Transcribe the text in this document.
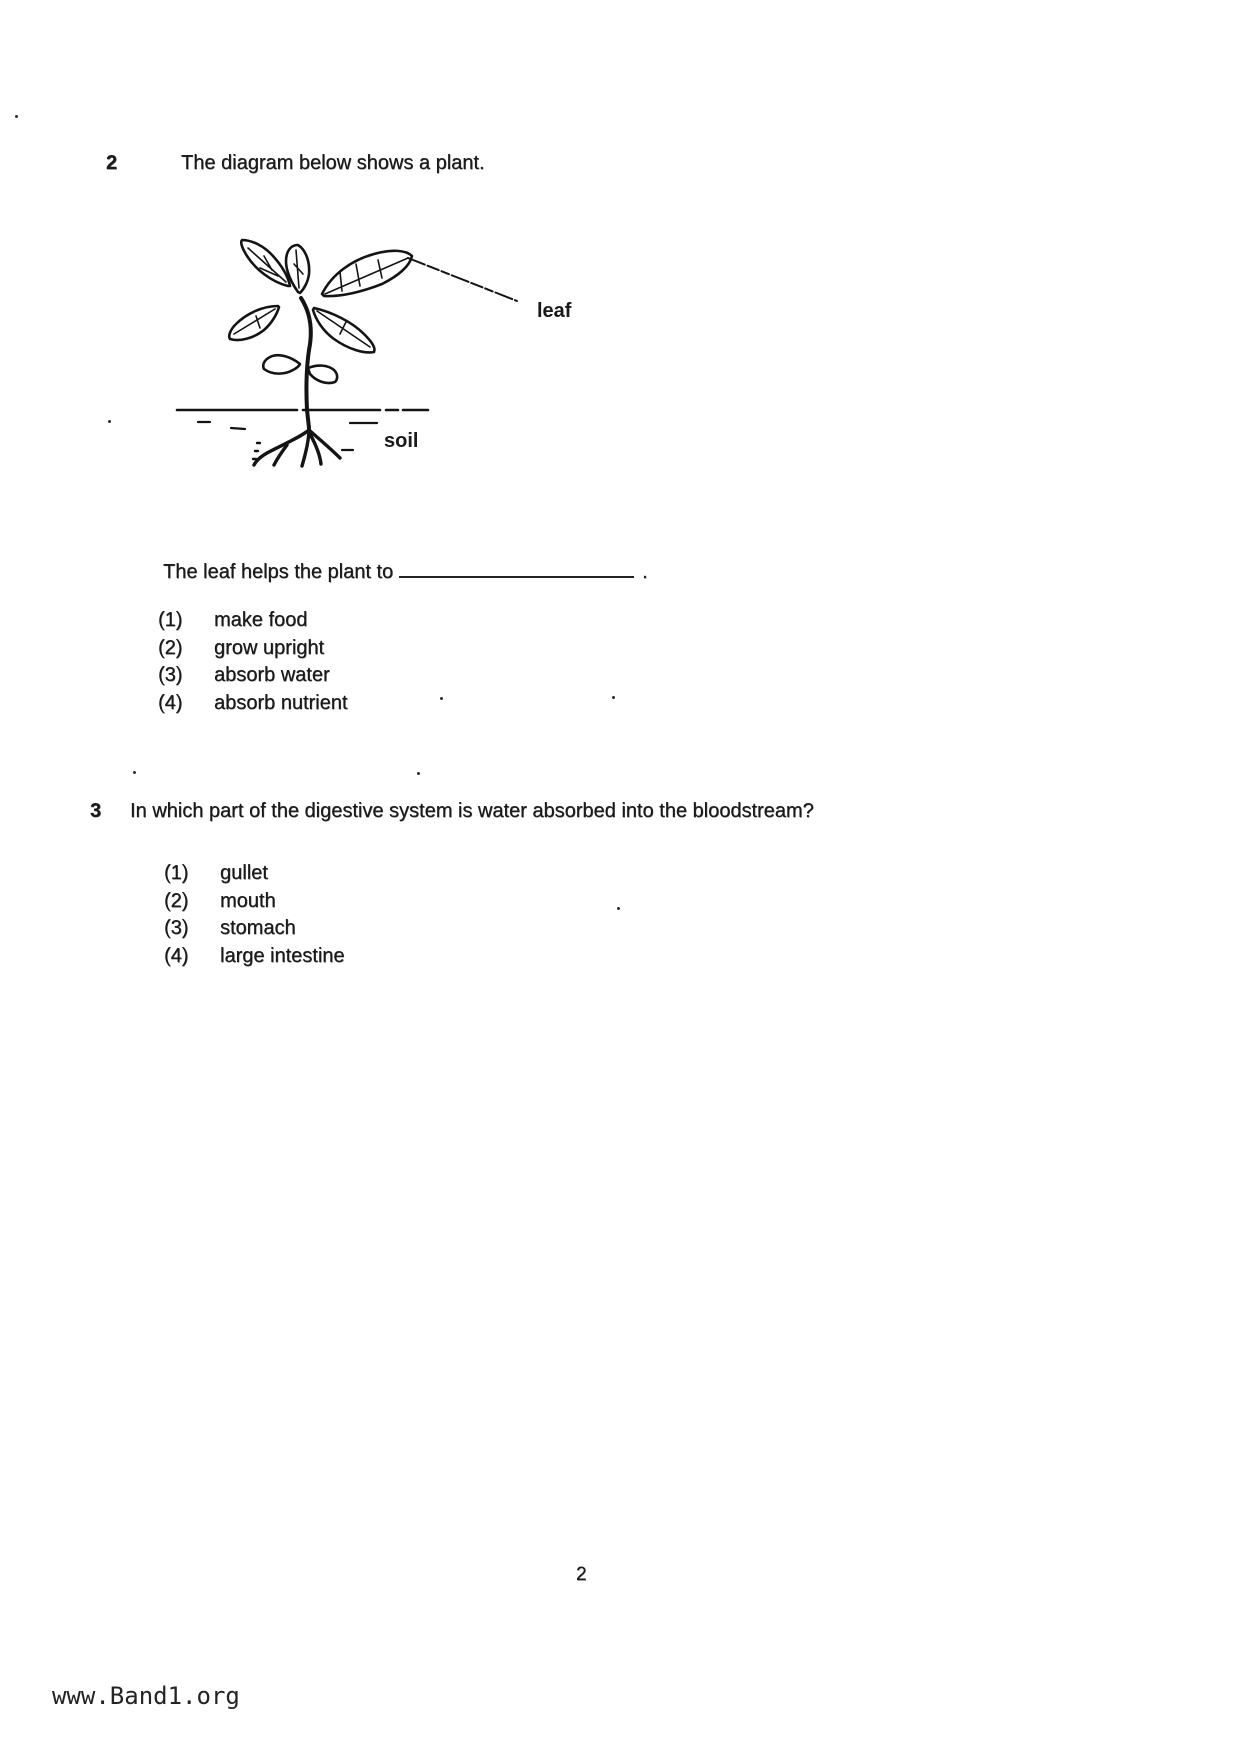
2	The diagram below shows a plant.
leaf
soil
The leaf helps the plant to	.
(1) make food
(2) grow upright
(3) absorb water
(4) absorb nutrient
3 In which part of the digestive system is water absorbed into the bloodstream?
(1) gullet
(2) mouth
(3) stomach
(4) large intestine
2
www.Band1.org
